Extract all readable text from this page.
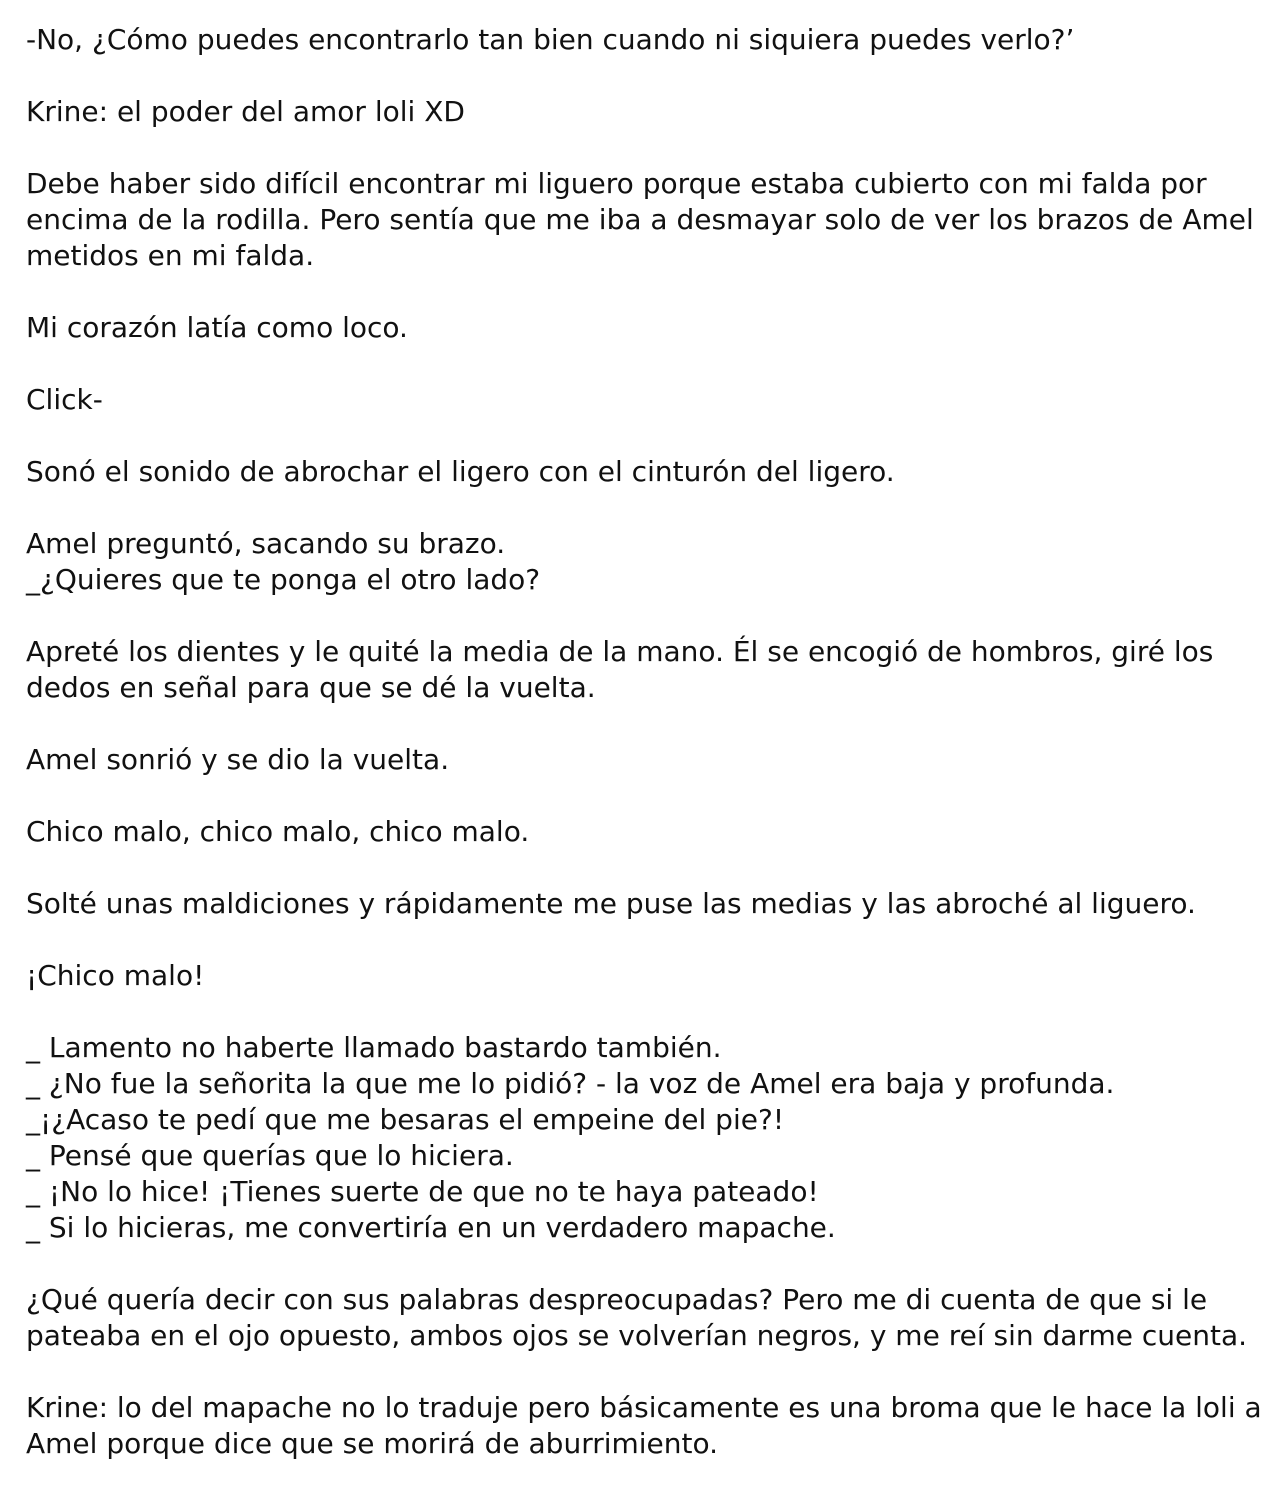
-No, ¿Cómo puedes encontrarlo tan bien cuando ni siquiera puedes verlo?’

Krine: el poder del amor loli XD

Debe haber sido difícil encontrar mi liguero porque estaba cubierto con mi falda por
encima de la rodilla. Pero sentía que me iba a desmayar solo de ver los brazos de Amel
metidos en mi falda.

Mi corazón latía como loco.

Click-

Sonó el sonido de abrochar el ligero con el cinturón del ligero.

Amel preguntó, sacando su brazo.
_¿Quieres que te ponga el otro lado?

Apreté los dientes y le quité la media de la mano. Él se encogió de hombros, giré los
dedos en señal para que se dé la vuelta.

Amel sonrió y se dio la vuelta.

Chico malo, chico malo, chico malo.

Solté unas maldiciones y rápidamente me puse las medias y las abroché al liguero.

¡Chico malo!

_ Lamento no haberte llamado bastardo también.
_ ¿No fue la señorita la que me lo pidió? - la voz de Amel era baja y profunda.
_¡¿Acaso te pedí que me besaras el empeine del pie?!
_ Pensé que querías que lo hiciera.
_ ¡No lo hice! ¡Tienes suerte de que no te haya pateado!
_ Si lo hicieras, me convertiría en un verdadero mapache.

¿Qué quería decir con sus palabras despreocupadas? Pero me di cuenta de que si le
pateaba en el ojo opuesto, ambos ojos se volverían negros, y me reí sin darme cuenta.

Krine: lo del mapache no lo traduje pero básicamente es una broma que le hace la loli a
Amel porque dice que se morirá de aburrimiento.
